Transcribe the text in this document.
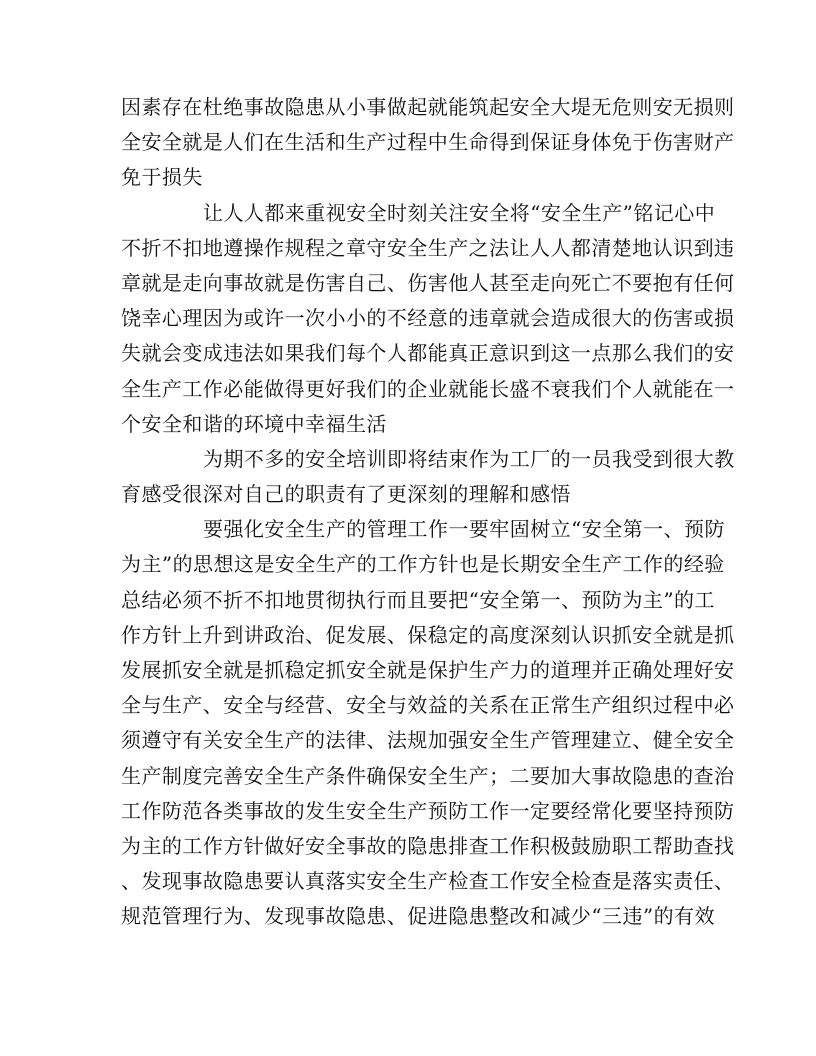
因素存在杜绝事故隐患从小事做起就能筑起安全大堤无危则安无损则
全安全就是人们在生活和生产过程中生命得到保证身体免于伤害财产
免于损失
让人人都来重视安全时刻关注安全将“安全生产”铭记心中
不折不扣地遵操作规程之章守安全生产之法让人人都清楚地认识到违
章就是走向事故就是伤害自己、伤害他人甚至走向死亡不要抱有任何
饶幸心理因为或许一次小小的不经意的违章就会造成很大的伤害或损
失就会变成违法如果我们每个人都能真正意识到这一点那么我们的安
全生产工作必能做得更好我们的企业就能长盛不衰我们个人就能在一
个安全和谐的环境中幸福生活
为期不多的安全培训即将结束作为工厂的一员我受到很大教
育感受很深对自己的职责有了更深刻的理解和感悟
要强化安全生产的管理工作一要牢固树立“安全第一、预防
为主”的思想这是安全生产的工作方针也是长期安全生产工作的经验
总结必须不折不扣地贯彻执行而且要把“安全第一、预防为主”的工
作方针上升到讲政治、促发展、保稳定的高度深刻认识抓安全就是抓
发展抓安全就是抓稳定抓安全就是保护生产力的道理并正确处理好安
全与生产、安全与经营、安全与效益的关系在正常生产组织过程中必
须遵守有关安全生产的法律、法规加强安全生产管理建立、健全安全
生产制度完善安全生产条件确保安全生产；二要加大事故隐患的查治
工作防范各类事故的发生安全生产预防工作一定要经常化要坚持预防
为主的工作方针做好安全事故的隐患排查工作积极鼓励职工帮助查找
、发现事故隐患要认真落实安全生产检查工作安全检查是落实责任、
规范管理行为、发现事故隐患、促进隐患整改和减少“三违”的有效
